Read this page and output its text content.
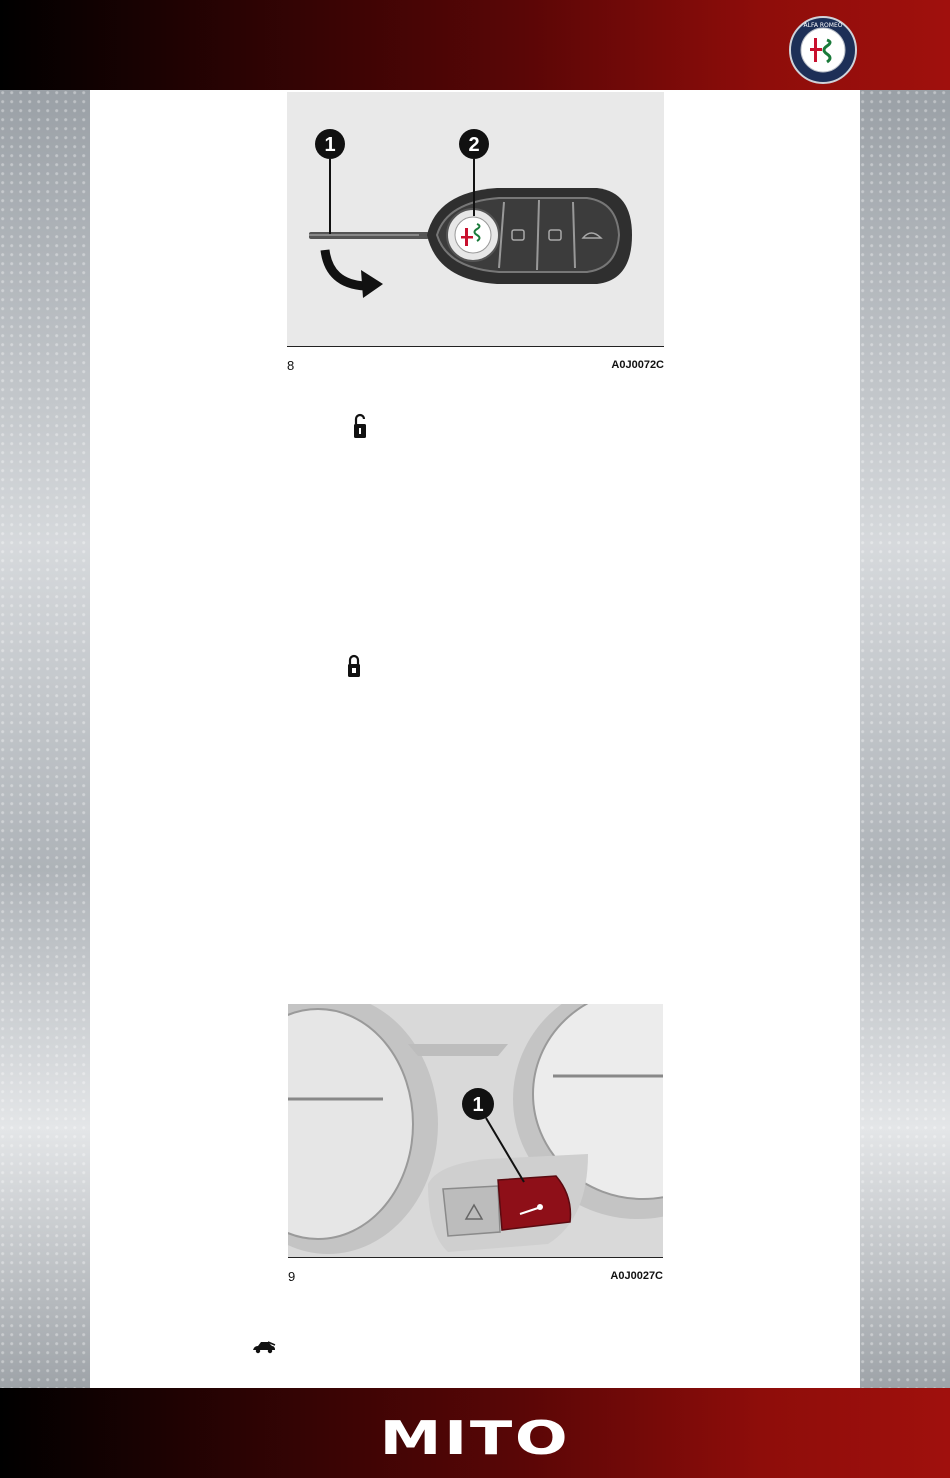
ALFA ROMEO
1	2
8	A0J0072C
1
9	A0J0027C
MITO
